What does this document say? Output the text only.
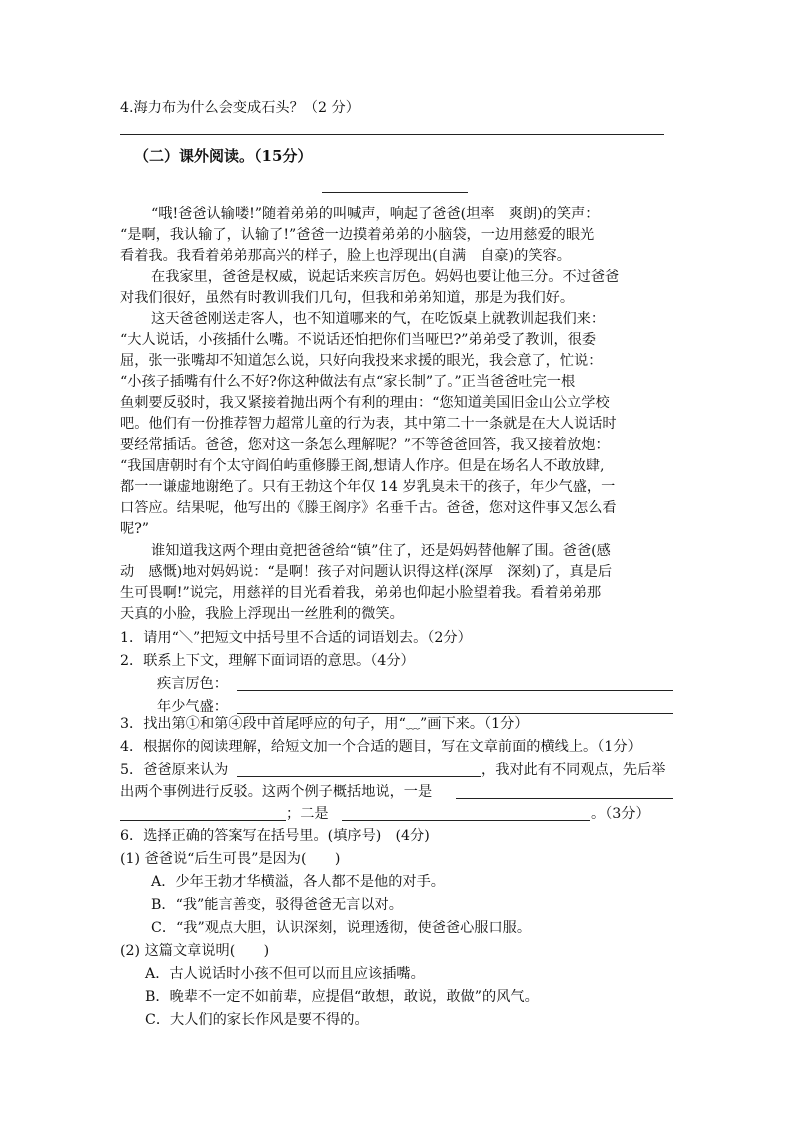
4.海力布为什么会变成石头？（2 分）
（二）课外阅读。（15分）
“哦!爸爸认输喽!”随着弟弟的叫喊声，响起了爸爸(坦率　爽朗)的笑声：
“是啊，我认输了，认输了!”爸爸一边摸着弟弟的小脑袋，一边用慈爱的眼光
看着我。我看着弟弟那高兴的样子，脸上也浮现出(自满　自豪)的笑容。
在我家里，爸爸是权威，说起话来疾言厉色。妈妈也要让他三分。不过爸爸
对我们很好，虽然有时教训我们几句，但我和弟弟知道，那是为我们好。
这天爸爸刚送走客人，也不知道哪来的气，在吃饭桌上就教训起我们来：
“大人说话，小孩插什么嘴。不说话还怕把你们当哑巴?”弟弟受了教训，很委
屈，张一张嘴却不知道怎么说，只好向我投来求援的眼光，我会意了，忙说：
“小孩子插嘴有什么不好?你这种做法有点“家长制”了。”正当爸爸吐完一根
鱼刺要反驳时，我又紧接着抛出两个有利的理由：“您知道美国旧金山公立学校
吧。他们有一份推荐智力超常儿童的行为表，其中第二十一条就是在大人说话时
要经常插话。爸爸，您对这一条怎么理解呢？”不等爸爸回答，我又接着放炮：
“我国唐朝时有个太守阎伯屿重修滕王阁,想请人作序。但是在场名人不敢放肆,
都一一谦虚地谢绝了。只有王勃这个年仅 14 岁乳臭未干的孩子，年少气盛，一
口答应。结果呢，他写出的《滕王阁序》名垂千古。爸爸，您对这件事又怎么看
呢?”
谁知道我这两个理由竟把爸爸给“镇”住了，还是妈妈替他解了围。爸爸(感
动　感慨)地对妈妈说：“是啊！孩子对问题认识得这样(深厚　深刻)了，真是后
生可畏啊!”说完，用慈祥的目光看着我，弟弟也仰起小脸望着我。看着弟弟那
天真的小脸，我脸上浮现出一丝胜利的微笑。
1．请用“＼”把短文中括号里不合适的词语划去。（2分）
2．联系上下文，理解下面词语的意思。（4分）
疾言厉色：
年少气盛：
3．找出第①和第④段中首尾呼应的句子，用“﹏”画下来。（1分）
4．根据你的阅读理解，给短文加一个合适的题目，写在文章前面的横线上。（1分）
5．爸爸原来认为	，我对此有不同观点，先后举
出两个事例进行反驳。这两个例子概括地说，一是
；二是	。（3分）
6．选择正确的答案写在括号里。(填序号)　(4分)
(1) 爸爸说“后生可畏”是因为(　　)
A．少年王勃才华横溢，各人都不是他的对手。
B．“我”能言善变，驳得爸爸无言以对。
C．“我”观点大胆，认识深刻，说理透彻，使爸爸心服口服。
(2) 这篇文章说明(　　)
A．古人说话时小孩不但可以而且应该插嘴。
B．晚辈不一定不如前辈，应提倡“敢想，敢说，敢做”的风气。
C．大人们的家长作风是要不得的。
